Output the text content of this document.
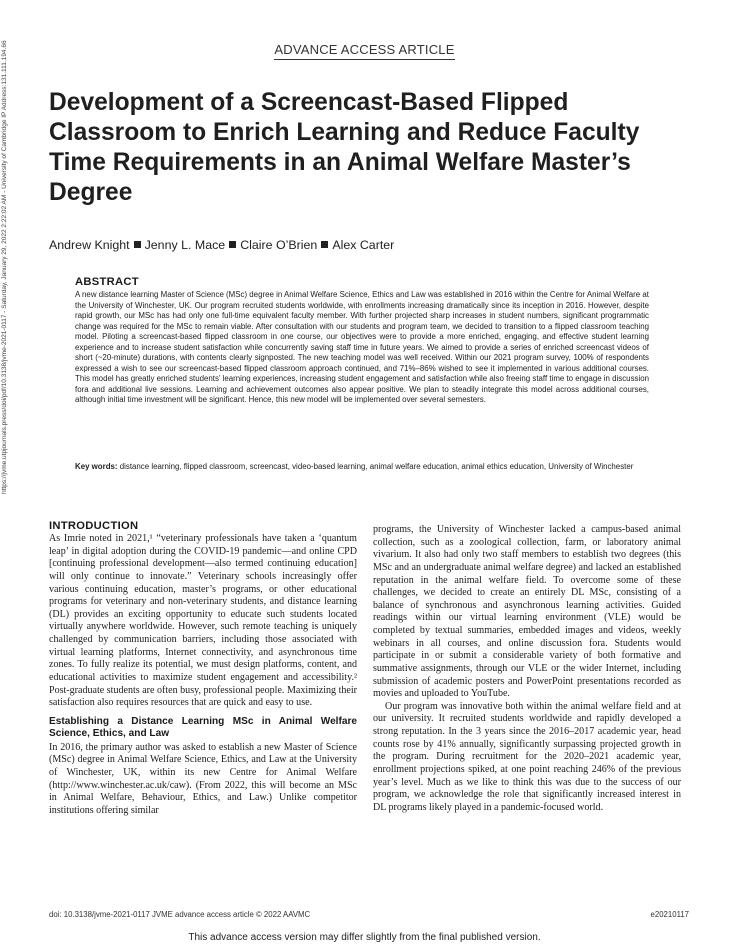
https://jvme.utpjournals.press/doi/pdf/10.3138/jvme-2021-0117 - Saturday, January 29, 2022 2:22:02 AM - University of Cambridge IP Address:131.111.194.66	ADVANCE ACCESS ARTICLE
Development of a Screencast-Based Flipped Classroom to Enrich Learning and Reduce Faculty Time Requirements in an Animal Welfare Master’s Degree
Andrew Knight Jenny L. Mace Claire O’Brien Alex Carter
ABSTRACT

A new distance learning Master of Science (MSc) degree in Animal Welfare Science, Ethics and Law was established in 2016 within the Centre for Animal Welfare at the University of Winchester, UK. Our program recruited students worldwide, with enrollments increasing dramatically since its inception in 2016. However, despite rapid growth, our MSc has had only one full-time equivalent faculty member. With further projected sharp increases in student numbers, significant programmatic change was required for the MSc to remain viable. After consultation with our students and program team, we decided to transition to a flipped classroom teaching model. Piloting a screencast-based flipped classroom in one course, our objectives were to provide a more enriched, engaging, and effective student learning experience and to increase student satisfaction while concurrently saving staff time in future years. We aimed to provide a series of enriched screencast videos of short (~20-minute) durations, with contents clearly signposted. The new teaching model was well received. Within our 2021 program survey, 100% of respondents expressed a wish to see our screencast-based flipped classroom approach continued, and 71%–86% wished to see it implemented in various additional courses. This model has greatly enriched students’ learning experiences, increasing student engagement and satisfaction while also freeing staff time to engage in discussion fora and additional live sessions. Learning and achievement outcomes also appear positive. We plan to steadily integrate this model across additional courses, although initial time investment will be significant. Hence, this new model will be implemented over several semesters.

Key words: distance learning, flipped classroom, screencast, video-based learning, animal welfare education, animal ethics education, University of Winchester
INTRODUCTION

As Imrie noted in 2021,¹ “veterinary professionals have taken a ‘quantum leap’ in digital adoption during the COVID-19 pandemic—and online CPD [continuing professional development—also termed continuing education] will only continue to innovate.” Veterinary schools increasingly offer various continuing education, master’s programs, or other educational programs for veterinary and non-veterinary students, and distance learning (DL) provides an exciting opportunity to educate such students located virtually anywhere worldwide. However, such remote teaching is uniquely challenged by communication barriers, including those associated with virtual learning platforms, Internet connectivity, and asynchronous time zones. To fully realize its potential, we must design platforms, content, and educational activities to maximize student engagement and accessibility.² Post-graduate students are often busy, professional people. Maximizing their satisfaction also requires resources that are quick and easy to use.

Establishing a Distance Learning MSc in Animal Welfare Science, Ethics, and Law

In 2016, the primary author was asked to establish a new Master of Science (MSc) degree in Animal Welfare Science, Ethics, and Law at the University of Winchester, UK, within its new Centre for Animal Welfare (http://www.winchester.ac.uk/caw). (From 2022, this will become an MSc in Animal Welfare, Behaviour, Ethics, and Law.) Unlike competitor institutions offering similar

programs, the University of Winchester lacked a campus-based animal collection, such as a zoological collection, farm, or laboratory animal vivarium. It also had only two staff members to establish two degrees (this MSc and an undergraduate animal welfare degree) and lacked an established reputation in the animal welfare field. To overcome some of these challenges, we decided to create an entirely DL MSc, consisting of a balance of synchronous and asynchronous learning activities. Guided readings within our virtual learning environment (VLE) would be completed by textual summaries, embedded images and videos, weekly webinars in all courses, and online discussion fora. Students would participate in or submit a considerable variety of both formative and summative assignments, through our VLE or the wider Internet, including submission of academic posters and PowerPoint presentations recorded as movies and uploaded to YouTube.

Our program was innovative both within the animal welfare field and at our university. It recruited students worldwide and rapidly developed a strong reputation. In the 3 years since the 2016–2017 academic year, head counts rose by 41% annually, significantly surpassing projected growth in the program. During recruitment for the 2020–2021 academic year, enrollment projections spiked, at one point reaching 246% of the previous year’s level. Much as we like to think this was due to the success of our program, we acknowledge the role that significantly increased interest in DL programs likely played in a pandemic-focused world.

doi: 10.3138/jvme-2021-0117 JVME advance access article © 2022 AAVMC	e20210117
This advance access version may differ slightly from the final published version.
